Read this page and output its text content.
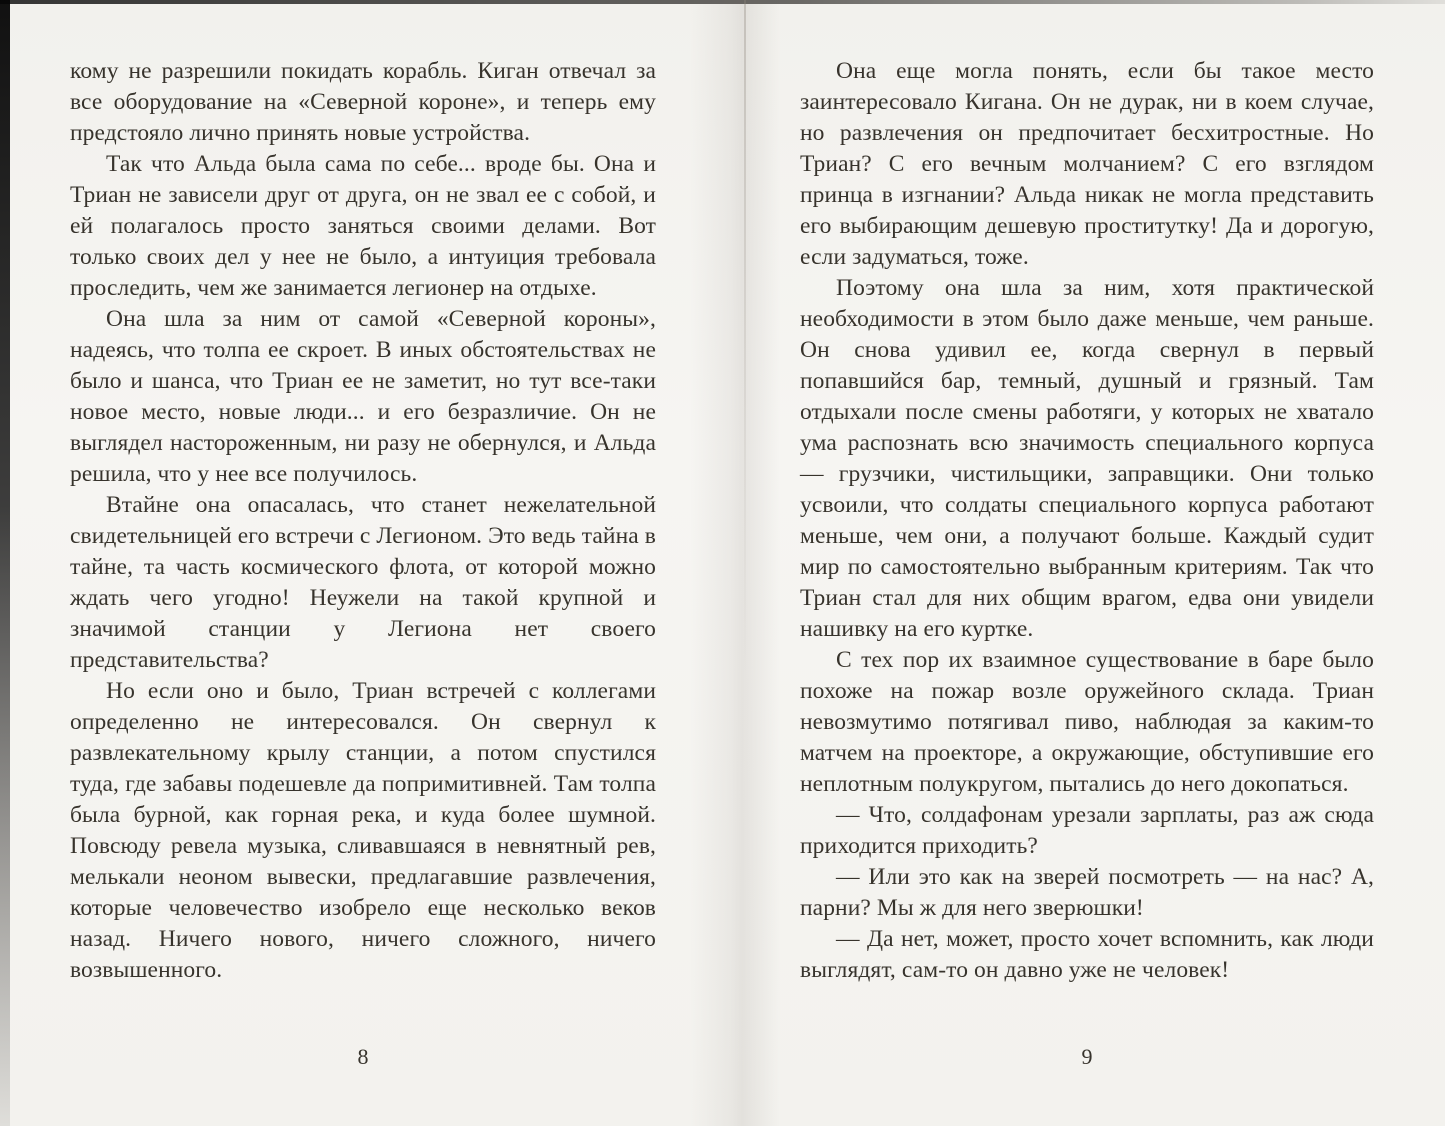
кому не разрешили покидать корабль. Киган отвечал за все оборудование на «Северной короне», и теперь ему предстояло лично принять новые устройства.

Так что Альда была сама по себе... вроде бы. Она и Триан не зависели друг от друга, он не звал ее с собой, и ей полагалось просто заняться своими делами. Вот только своих дел у нее не было, а интуиция требовала проследить, чем же занимается легионер на отдыхе.

Она шла за ним от самой «Северной короны», надеясь, что толпа ее скроет. В иных обстоятельствах не было и шанса, что Триан ее не заметит, но тут все-таки новое место, новые люди... и его безразличие. Он не выглядел настороженным, ни разу не обернулся, и Альда решила, что у нее все получилось.

Втайне она опасалась, что станет нежелательной свидетельницей его встречи с Легионом. Это ведь тайна в тайне, та часть космического флота, от которой можно ждать чего угодно! Неужели на такой крупной и значимой станции у Легиона нет своего представительства?

Но если оно и было, Триан встречей с коллегами определенно не интересовался. Он свернул к развлекательному крылу станции, а потом спустился туда, где забавы подешевле да попримитивней. Там толпа была бурной, как горная река, и куда более шумной. Повсюду ревела музыка, сливавшаяся в невнятный рев, мелькали неоном вывески, предлагавшие развлечения, которые человечество изобрело еще несколько веков назад. Ничего нового, ничего сложного, ничего возвышенного.

8

Она еще могла понять, если бы такое место заинтересовало Кигана. Он не дурак, ни в коем случае, но развлечения он предпочитает бесхитростные. Но Триан? С его вечным молчанием? С его взглядом принца в изгнании? Альда никак не могла представить его выбирающим дешевую проститутку! Да и дорогую, если задуматься, тоже.

Поэтому она шла за ним, хотя практической необходимости в этом было даже меньше, чем раньше. Он снова удивил ее, когда свернул в первый попавшийся бар, темный, душный и грязный. Там отдыхали после смены работяги, у которых не хватало ума распознать всю значимость специального корпуса — грузчики, чистильщики, заправщики. Они только усвоили, что солдаты специального корпуса работают меньше, чем они, а получают больше. Каждый судит мир по самостоятельно выбранным критериям. Так что Триан стал для них общим врагом, едва они увидели нашивку на его куртке.

С тех пор их взаимное существование в баре было похоже на пожар возле оружейного склада. Триан невозмутимо потягивал пиво, наблюдая за каким-то матчем на проекторе, а окружающие, обступившие его неплотным полукругом, пытались до него докопаться.

— Что, солдафонам урезали зарплаты, раз аж сюда приходится приходить?

— Или это как на зверей посмотреть — на нас? А, парни? Мы ж для него зверюшки!

— Да нет, может, просто хочет вспомнить, как люди выглядят, сам-то он давно уже не человек!

9
